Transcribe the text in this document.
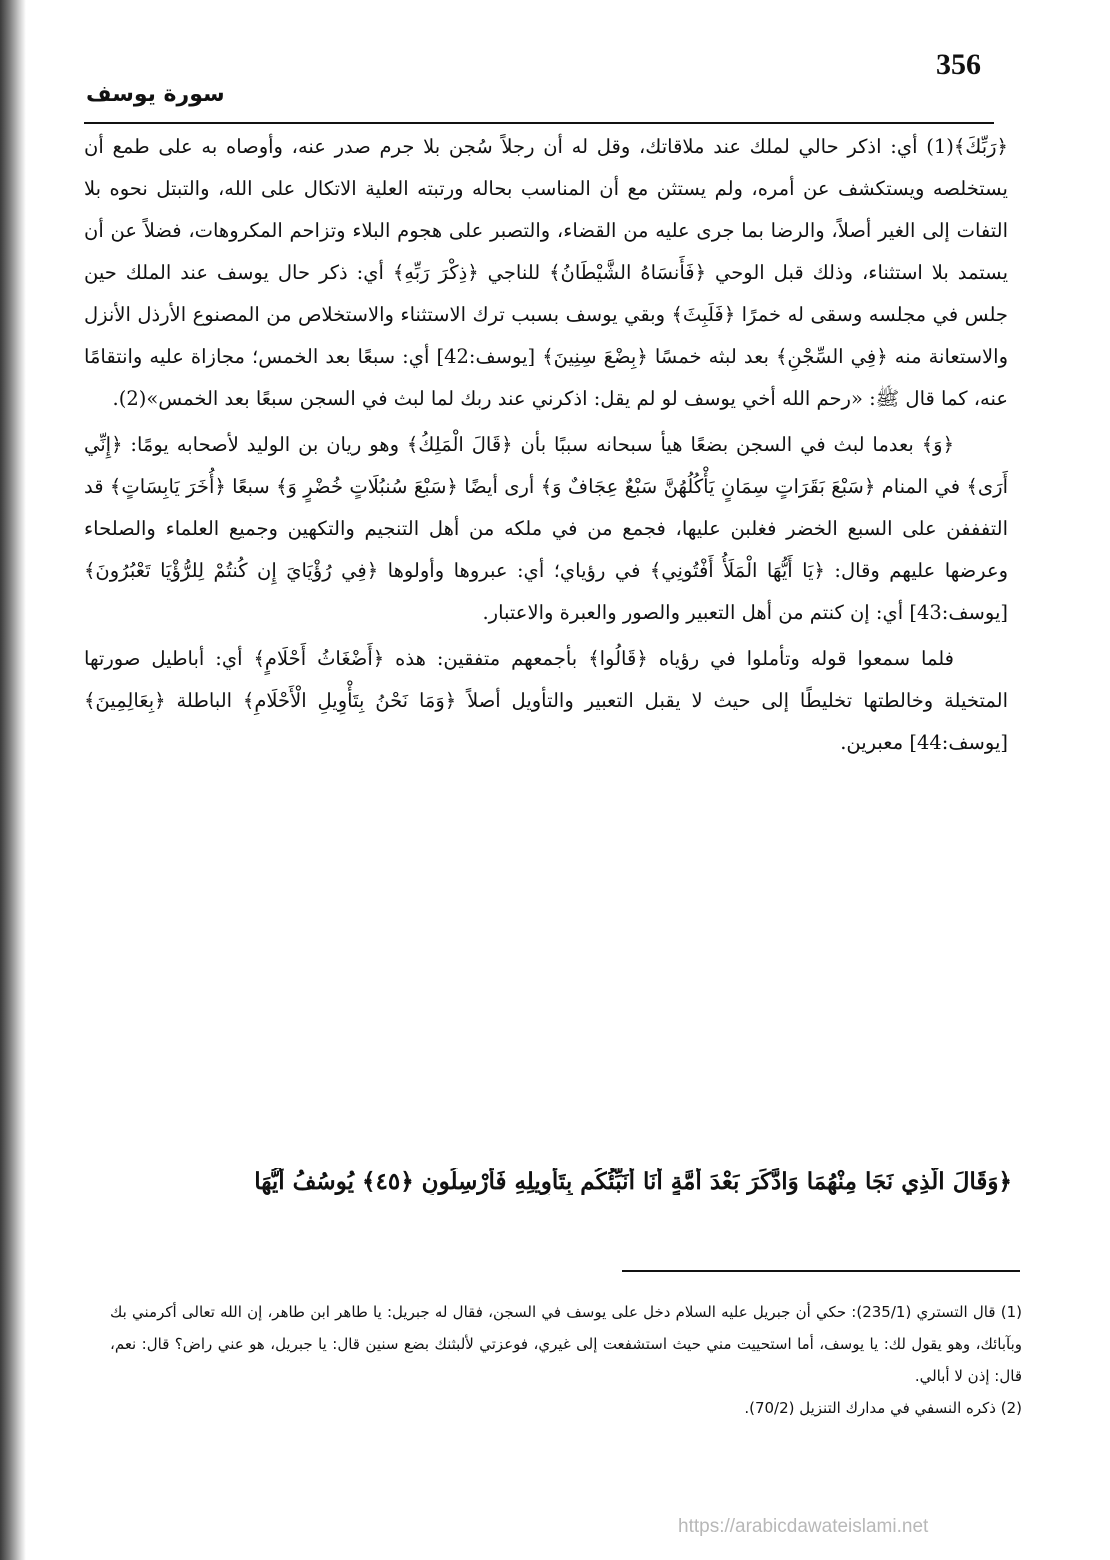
356
سورة يوسف

﴿رَبِّكَ﴾(1) أي: اذكر حالي لملك عند ملاقاتك، وقل له أن رجلاً سُجن بلا جرم صدر عنه، وأوصاه به على طمع أن يستخلصه ويستكشف عن أمره، ولم يستثن مع أن المناسب بحاله ورتبته العلية الاتكال على الله، والتبتل نحوه بلا التفات إلى الغير أصلاً، والرضا بما جرى عليه من القضاء، والتصبر على هجوم البلاء وتزاحم المكروهات، فضلاً عن أن يستمد بلا استثناء، وذلك قبل الوحي ﴿فَأَنسَاهُ الشَّيْطَانُ﴾ للناجي ﴿ذِكْرَ رَبِّهِ﴾ أي: ذكر حال يوسف عند الملك حين جلس في مجلسه وسقى له خمرًا ﴿فَلَبِثَ﴾ وبقي يوسف بسبب ترك الاستثناء والاستخلاص من المصنوع الأرذل الأنزل والاستعانة منه ﴿فِي السِّجْنِ﴾ بعد لبثه خمسًا ﴿بِضْعَ سِنِينَ﴾ [يوسف:42] أي: سبعًا بعد الخمس؛ مجازاة عليه وانتقامًا عنه، كما قال ﷺ: «رحم الله أخي يوسف لو لم يقل: اذكرني عند ربك لما لبث في السجن سبعًا بعد الخمس»(2).

﴿وَ﴾ بعدما لبث في السجن بضعًا هيأ سبحانه سببًا بأن ﴿قَالَ الْمَلِكُ﴾ وهو ريان بن الوليد لأصحابه يومًا: ﴿إِنِّي أَرَى﴾ في المنام ﴿سَبْعَ بَقَرَاتٍ سِمَانٍ يَأْكُلُهُنَّ سَبْعٌ عِجَافٌ وَ﴾ أرى أيضًا ﴿سَبْعَ سُنبُلَاتٍ خُضْرٍ وَ﴾ سبعًا ﴿أُخَرَ يَابِسَاتٍ﴾ قد التفففن على السبع الخضر فغلبن عليها، فجمع من في ملكه من أهل التنجيم والتكهين وجميع العلماء والصلحاء وعرضها عليهم وقال: ﴿يَا أَيُّهَا الْمَلَأُ أَفْتُونِي﴾ في رؤياي؛ أي: عبروها وأولوها ﴿فِي رُؤْيَايَ إِن كُنتُمْ لِلرُّؤْيَا تَعْبُرُونَ﴾ [يوسف:43] أي: إن كنتم من أهل التعبير والصور والعبرة والاعتبار.

فلما سمعوا قوله وتأملوا في رؤياه ﴿قَالُوا﴾ بأجمعهم متفقين: هذه ﴿أَضْغَاثُ أَحْلَامٍ﴾ أي: أباطيل صورتها المتخيلة وخالطتها تخليطًا إلى حيث لا يقبل التعبير والتأويل أصلاً ﴿وَمَا نَحْنُ بِتَأْوِيلِ الْأَحْلَامِ﴾ الباطلة ﴿بِعَالِمِينَ﴾ [يوسف:44] معبرين.

﴿وَقَالَ الَّذِي نَجَا مِنْهُمَا وَادَّكَرَ بَعْدَ أُمَّةٍ أَنَا أُنَبِّئُكُم بِتَأْوِيلِهِ فَأَرْسِلُونِ ﴿٤٥﴾ يُوسُفُ أَيُّهَا

(1) قال التستري (235/1): حكي أن جبريل عليه السلام دخل على يوسف في السجن، فقال له جبريل: يا طاهر ابن طاهر، إن الله تعالى أكرمني بك وبآبائك، وهو يقول لك: يا يوسف، أما استحييت مني حيث استشفعت إلى غيري، فوعزتي لألبثنك بضع سنين قال: يا جبريل، هو عني راض؟ قال: نعم، قال: إذن لا أبالي.

(2) ذكره النسفي في مدارك التنزيل (70/2).

https://arabicdawateislami.net
